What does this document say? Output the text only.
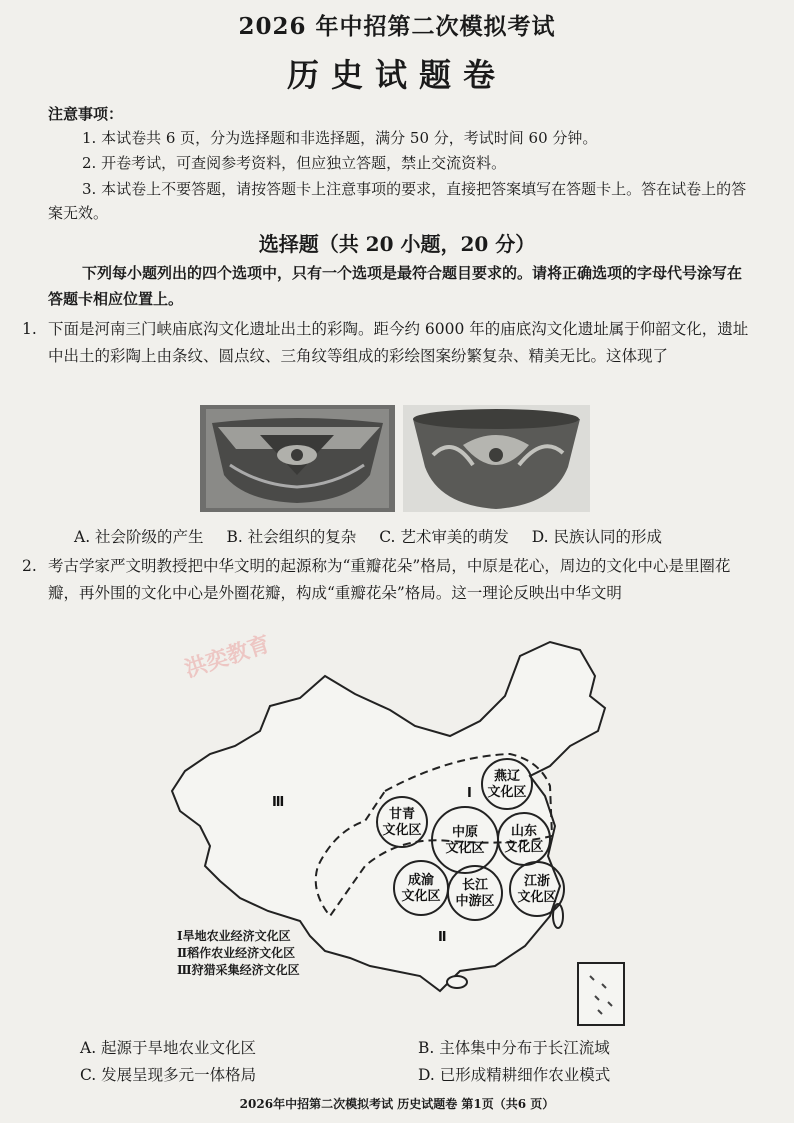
2026 年中招第二次模拟考试
历史试题卷
注意事项：
1. 本试卷共 6 页，分为选择题和非选择题，满分 50 分，考试时间 60 分钟。
2. 开卷考试，可查阅参考资料，但应独立答题，禁止交流资料。
3. 本试卷上不要答题，请按答题卡上注意事项的要求，直接把答案填写在答题卡上。答在试卷上的答案无效。
选择题（共 20 小题，20 分）
下列每小题列出的四个选项中，只有一个选项是最符合题目要求的。请将正确选项的字母代号涂写在答题卡相应位置上。
1. 下面是河南三门峡庙底沟文化遗址出土的彩陶。距今约 6000 年的庙底沟文化遗址属于仰韶文化，遗址中出土的彩陶上由条纹、圆点纹、三角纹等组成的彩绘图案纷繁复杂、精美无比。这体现了
A. 社会阶级的产生 B. 社会组织的复杂 C. 艺术审美的萌发 D. 民族认同的形成
2. 考古学家严文明教授把中华文明的起源称为“重瓣花朵”格局，中原是花心，周边的文化中心是里圈花瓣，再外围的文化中心是外圈花瓣，构成“重瓣花朵”格局。这一理论反映出中华文明
洪奕教育
燕辽
文化区
甘青
文化区 中原
文化区
山东
文化区
成渝
文化区
长江
中游区
江浙
文化区
Ⅰ
Ⅱ
Ⅲ
Ⅰ旱地农业经济文化区
Ⅱ稻作农业经济文化区
Ⅲ狩猎采集经济文化区
A. 起源于旱地农业文化区	B. 主体集中分布于长江流域
C. 发展呈现多元一体格局	D. 已形成精耕细作农业模式
2026年中招第二次模拟考试 历史试题卷 第1页（共6 页）
